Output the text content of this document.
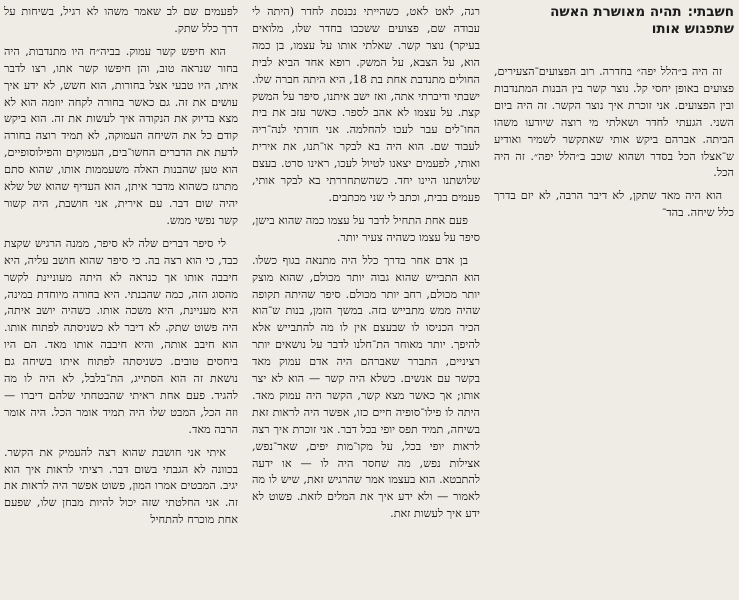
חשבתי:תהיה מאושרת האשה
שתפגוש אותו

זה היה ב״הלל יפה״ בחדרה. רוב הפצועים־הצעירים, פצועים באופן יחסי קל. נוצר קשר בין הבנות המתנדבות ובין הפצועים. אני זוכרת איך נוצר הקשר. זה היה ביום השני. הגעתי לחדר ושאלתי מי רוצה שיודעו משהו הביתה. אברהם ביקש אותי שאתקשר לשמיר ואודיע ש־אצלו הכל בסדר ושהוא שוכב ב״הלל יפה״. זה היה הכל.

הוא היה מאד שתקן, לא דיבר הרבה, לא יזם בדרך כלל שיחה. בהד־

רגה, לאט לאט, כשהייתי נכנסת לחדר (היתה לי עבודה שם, פצועים ששכבו בחדר שלו, מלואים בעיקר) נוצר קשר. שאלתי אותו על עצמו, בן כמה הוא, על הצבא, על המשק. רופא אחד הביא לבית החולים מתנדבת אחת בת 18, היא היתה חברה שלו. ישבתי ודיברתי אתה, ואז ישב איתנו, סיפר על המשק קצת. על עצמו לא אהב לספר. כאשר עזב את בית החו־לים עבר לעכו להחלמה. אני חזרתי לנה־ריה לעבוד שם. הוא היה בא לבקר או־תנו, את אירית ואותי, לפעמים יצאנו לטיול לעכו, ראינו סרט. בעצם שלושתנו היינו יחד. כשהשתחררתי בא לבקר אותי, פעמים בבית, וכתב לי שני מכתבים.

פעם אחת התחיל לדבר על עצמו כמה שהוא בישן, סיפר על עצמו כשהיה צעיר יותר.

בן אדם אחר בדרך כלל היה מתנאה בגוף כשלו. הוא התבייש שהוא גבוה יותר מכולם, שהוא מוצק יותר מכולם, רחב יותר מכולם. סיפר שהיתה תקופה שהיה ממש מתבייש בזה. במשך הזמן, בנות ש־הוא הכיר הכניסו לו שבעצם אין לו מה להתבייש אלא להיפך. יותר מאוחר הת־חלנו לדבר על נושאים יותר רציניים, התברר שאברהם היה אדם עמוק מאד בקשר עם אנשים. כשלא היה קשר — הוא לא יצר אותו; אך כאשר מצא קשר, הקשר היה עמוק מאד. היתה לו פילו־סופיה חיים כזו, אפשר היה לראות זאת בשיחה, תמיד תפס יופי בכל דבר. אני זוכרת איך רצה לראות יופי בכל, על מקו־מות יפים, שאר־נפש, אצילות נפש, מה שחסר היה לו — או ידעה להתבטא. הוא בעצמו אמר שהרגיש זאת, שיש לו מה לאמור — ולא ידע איך את המלים לזאת. פשוט לא ידע איך לעשות זאת.

לפעמים שם לב שאמר משהו לא רגיל, בשיחות על דרך כלל שתק.

הוא חיפש קשר עמוק. בביה״ח היו מתנדבות, היה בחור שנראה טוב, והן חיפשו קשר אתו, רצו לדבר איתו, היו טבעי אצל בחורות, הוא חשש, לא ידע איך עושים את זה. גם כאשר בחורה לקחה יוזמה הוא לא מצא בדיוק את הנקודה איך לעשות את זה. הוא ביקש קודם כל את השיחה העמוקה, לא תמיד רוצה בחורה לדעת את הדברים החשו־בים, העמוקים והפילוסופיים, הוא טען שהבנות האלה משעממות אותו, שהוא סתם מתרגז כשהוא מדבר איתן, הוא העדיף שהוא של שלא יהיה שום דבר. עם אירית, אני חושבת, היה קשור קשר נפשי ממש.

לי סיפר דברים שלה לא סיפר, ממנה הרגיש שקצת כבד, כי הוא רצה בה. כי סיפר שהוא חושב עליה, היא חיבבה אותו אך כנראה לא היתה מעוניינת לקשר מהסוג הזה, כמה שהבנתי. היא בחורה מיוחדת במינה, היא מעניינת, היא משכה אותו. כשהיה יושב איתה, היה פשוט שתק. לא דיבר לא כשניסתה לפתוח אותו. הוא חיבב אותה, והיא חיבבה אותו מאד. הם היו ביחסים טובים. כשניסתה לפתוח איתו בשיחה גם נושאת זה הוא הסתייג, הת־בלבל, לא היה לו מה להגיד. פעם אחת ראיתי שהבטחתי שלהם דיברו — וזה הכל, המבט שלו היה תמיד אומר הכל. היה אומר הרבה מאד.

איתי אני חושבת שהוא רצה להעמיק את הקשר. בכוונה לא הגבתי בשום דבר. רציתי לראות איך הוא יגיב. המבטים אמרו המון, פשוט אפשר היה לראות את זה. אני החלטתי שזה יכול להיות מבחן שלו, שפעם אחת מוכרח להתחיל
